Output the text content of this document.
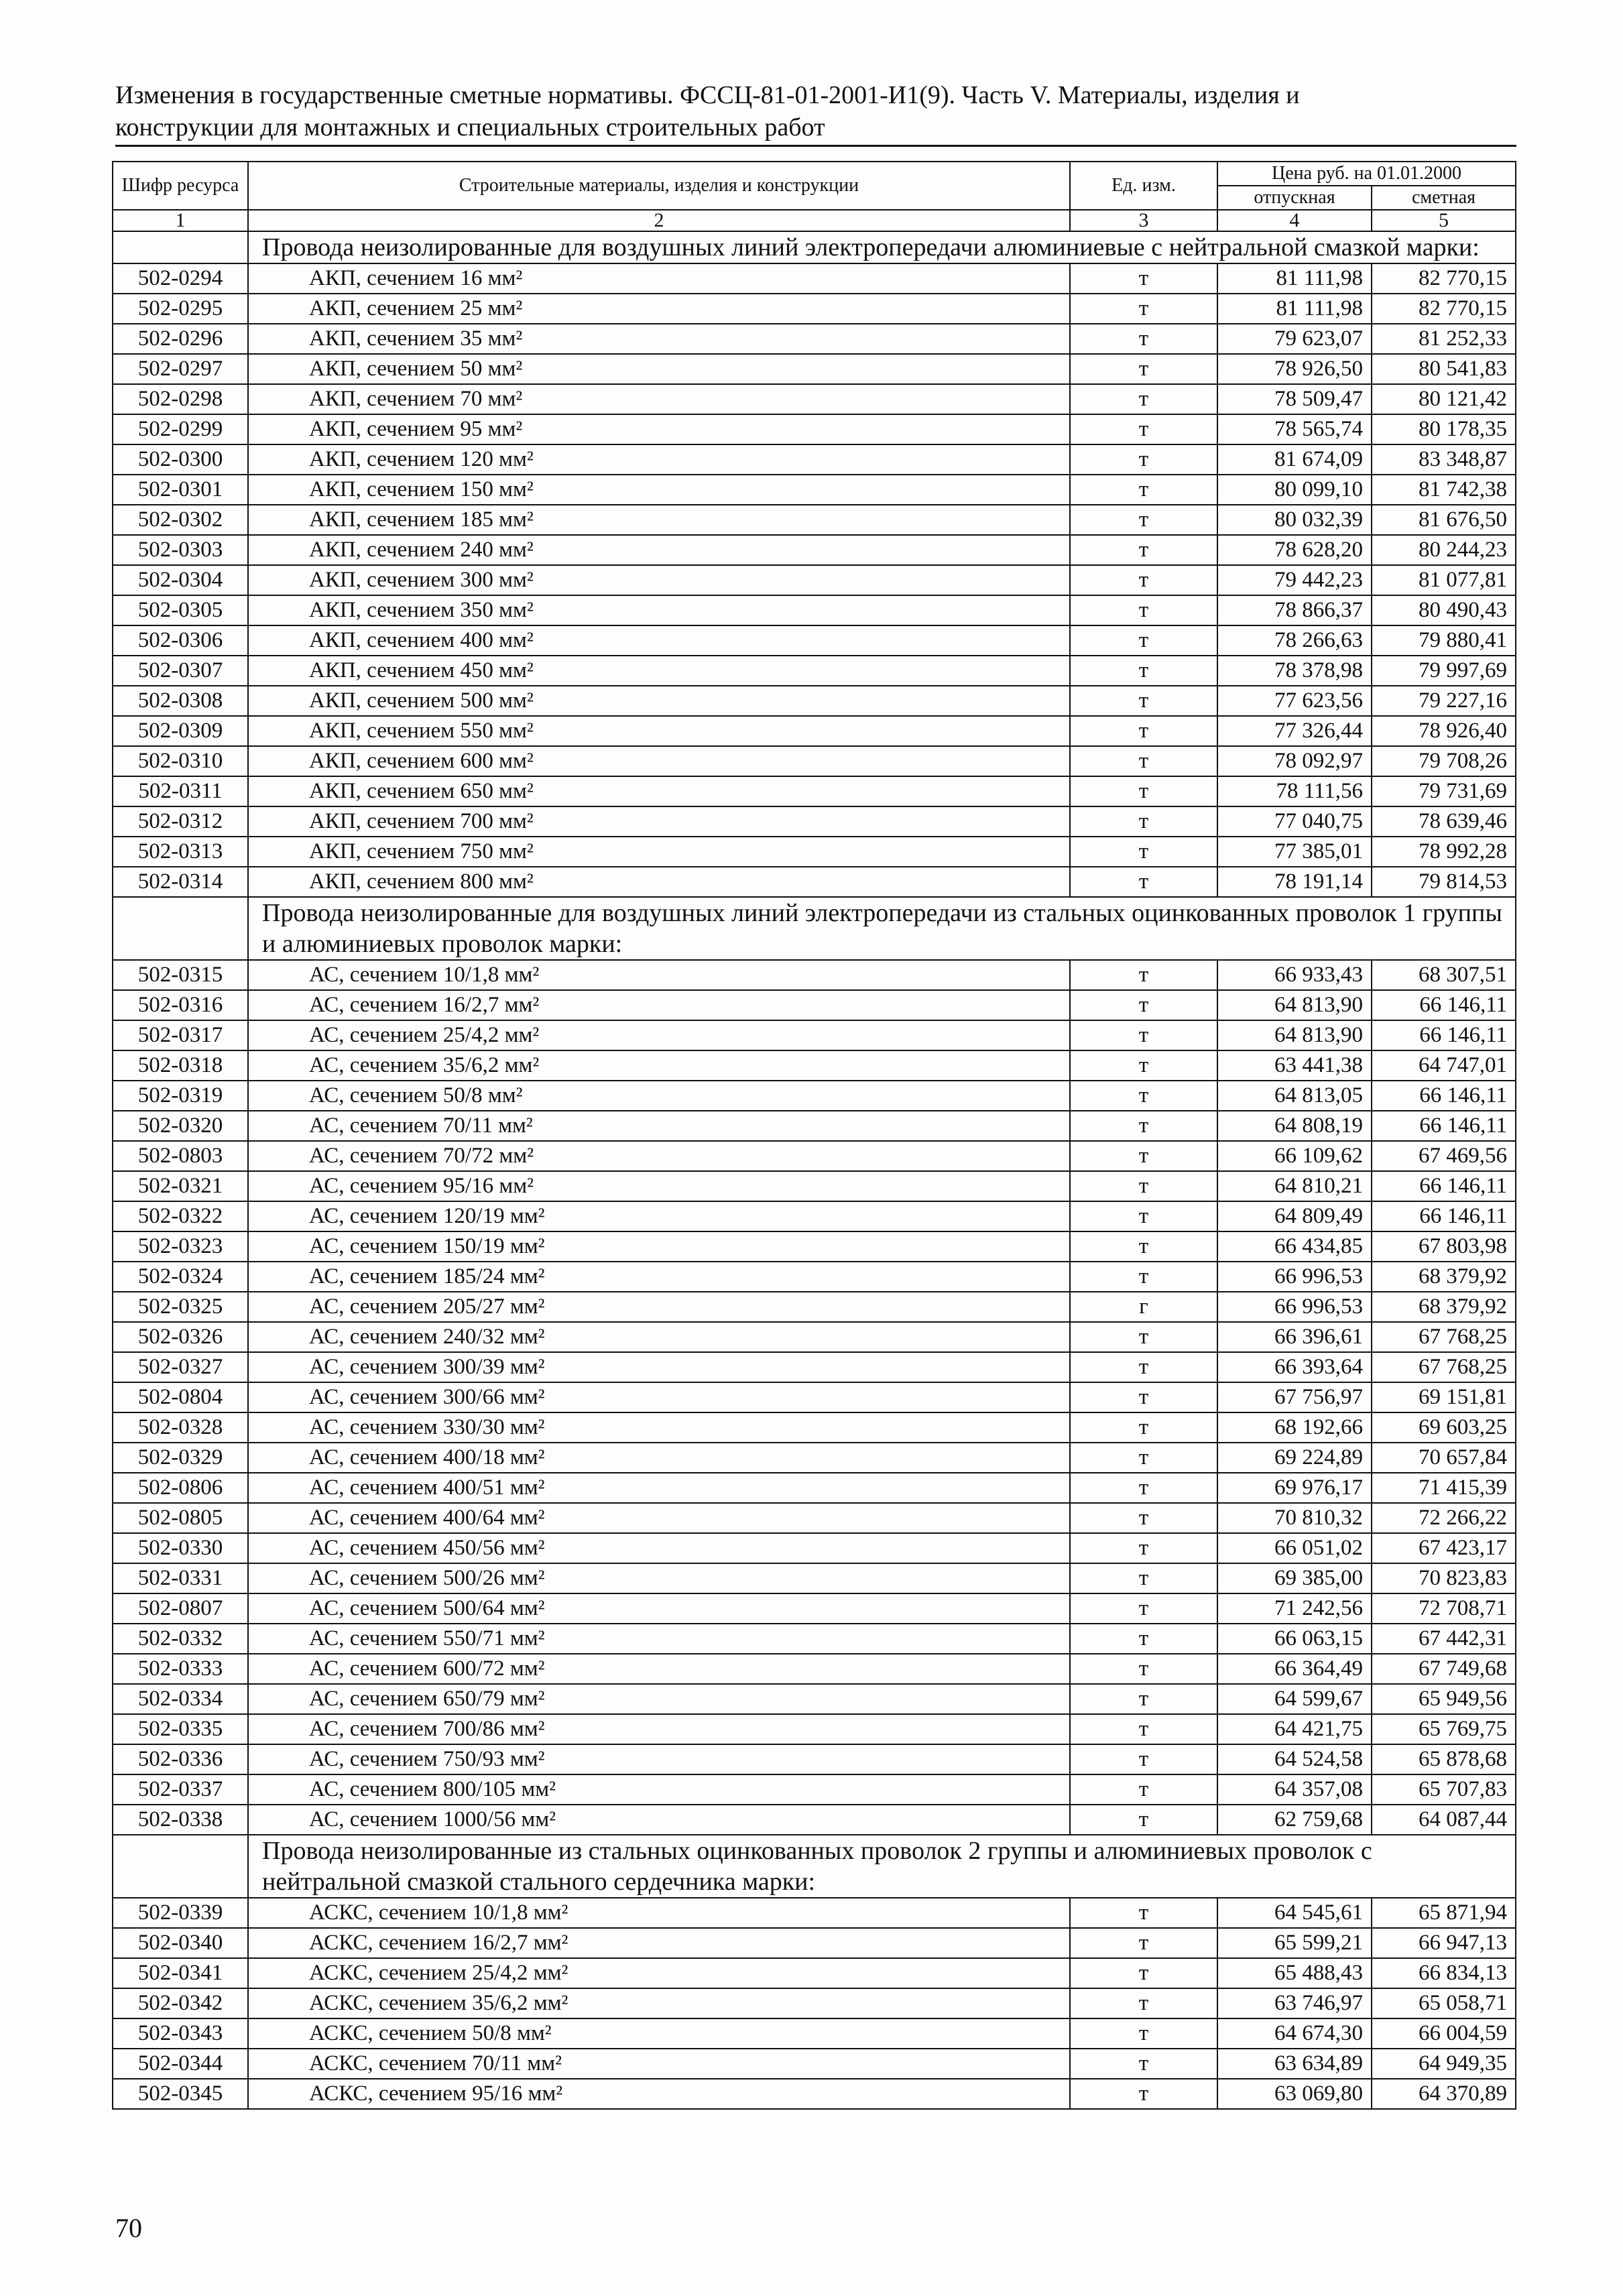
Изменения в государственные сметные нормативы. ФССЦ-81-01-2001-И1(9). Часть V. Материалы, изделия и
конструкции для монтажных и специальных строительных работ
Шифр ресурса	Строительные материалы, изделия и конструкции	Ед. изм.	Цена руб. на 01.01.2000	
			отпускная	сметная
1	2	3	4	5
	Провода неизолированные для воздушных линий электропередачи алюминиевые с нейтральной смазкой марки:			
502-0294	АКП, сечением 16 мм²	т	81 111,98	82 770,15
502-0295	АКП, сечением 25 мм²	т	81 111,98	82 770,15
502-0296	АКП, сечением 35 мм²	т	79 623,07	81 252,33
502-0297	АКП, сечением 50 мм²	т	78 926,50	80 541,83
502-0298	АКП, сечением 70 мм²	т	78 509,47	80 121,42
502-0299	АКП, сечением 95 мм²	т	78 565,74	80 178,35
502-0300	АКП, сечением 120 мм²	т	81 674,09	83 348,87
502-0301	АКП, сечением 150 мм²	т	80 099,10	81 742,38
502-0302	АКП, сечением 185 мм²	т	80 032,39	81 676,50
502-0303	АКП, сечением 240 мм²	т	78 628,20	80 244,23
502-0304	АКП, сечением 300 мм²	т	79 442,23	81 077,81
502-0305	АКП, сечением 350 мм²	т	78 866,37	80 490,43
502-0306	АКП, сечением 400 мм²	т	78 266,63	79 880,41
502-0307	АКП, сечением 450 мм²	т	78 378,98	79 997,69
502-0308	АКП, сечением 500 мм²	т	77 623,56	79 227,16
502-0309	АКП, сечением 550 мм²	т	77 326,44	78 926,40
502-0310	АКП, сечением 600 мм²	т	78 092,97	79 708,26
502-0311	АКП, сечением 650 мм²	т	78 111,56	79 731,69
502-0312	АКП, сечением 700 мм²	т	77 040,75	78 639,46
502-0313	АКП, сечением 750 мм²	т	77 385,01	78 992,28
502-0314	АКП, сечением 800 мм²	т	78 191,14	79 814,53
	Провода неизолированные для воздушных линий электропередачи из стальных оцинкованных проволок 1 группы и алюминиевых проволок марки:			
502-0315	АС, сечением 10/1,8 мм²	т	66 933,43	68 307,51
502-0316	АС, сечением 16/2,7 мм²	т	64 813,90	66 146,11
502-0317	АС, сечением 25/4,2 мм²	т	64 813,90	66 146,11
502-0318	АС, сечением 35/6,2 мм²	т	63 441,38	64 747,01
502-0319	АС, сечением 50/8 мм²	т	64 813,05	66 146,11
502-0320	АС, сечением 70/11 мм²	т	64 808,19	66 146,11
502-0803	АС, сечением 70/72 мм²	т	66 109,62	67 469,56
502-0321	АС, сечением 95/16 мм²	т	64 810,21	66 146,11
502-0322	АС, сечением 120/19 мм²	т	64 809,49	66 146,11
502-0323	АС, сечением 150/19 мм²	т	66 434,85	67 803,98
502-0324	АС, сечением 185/24 мм²	т	66 996,53	68 379,92
502-0325	АС, сечением 205/27 мм²	г	66 996,53	68 379,92
502-0326	АС, сечением 240/32 мм²	т	66 396,61	67 768,25
502-0327	АС, сечением 300/39 мм²	т	66 393,64	67 768,25
502-0804	АС, сечением 300/66 мм²	т	67 756,97	69 151,81
502-0328	АС, сечением 330/30 мм²	т	68 192,66	69 603,25
502-0329	АС, сечением 400/18 мм²	т	69 224,89	70 657,84
502-0806	АС, сечением 400/51 мм²	т	69 976,17	71 415,39
502-0805	АС, сечением 400/64 мм²	т	70 810,32	72 266,22
502-0330	АС, сечением 450/56 мм²	т	66 051,02	67 423,17
502-0331	АС, сечением 500/26 мм²	т	69 385,00	70 823,83
502-0807	АС, сечением 500/64 мм²	т	71 242,56	72 708,71
502-0332	АС, сечением 550/71 мм²	т	66 063,15	67 442,31
502-0333	АС, сечением 600/72 мм²	т	66 364,49	67 749,68
502-0334	АС, сечением 650/79 мм²	т	64 599,67	65 949,56
502-0335	АС, сечением 700/86 мм²	т	64 421,75	65 769,75
502-0336	АС, сечением 750/93 мм²	т	64 524,58	65 878,68
502-0337	АС, сечением 800/105 мм²	т	64 357,08	65 707,83
502-0338	АС, сечением 1000/56 мм²	т	62 759,68	64 087,44
	Провода неизолированные из стальных оцинкованных проволок 2 группы и алюминиевых проволок с нейтральной смазкой стального сердечника марки:			
502-0339	АСКС, сечением 10/1,8 мм²	т	64 545,61	65 871,94
502-0340	АСКС, сечением 16/2,7 мм²	т	65 599,21	66 947,13
502-0341	АСКС, сечением 25/4,2 мм²	т	65 488,43	66 834,13
502-0342	АСКС, сечением 35/6,2 мм²	т	63 746,97	65 058,71
502-0343	АСКС, сечением 50/8 мм²	т	64 674,30	66 004,59
502-0344	АСКС, сечением 70/11 мм²	т	63 634,89	64 949,35
502-0345	АСКС, сечением 95/16 мм²	т	63 069,80	64 370,89
70
